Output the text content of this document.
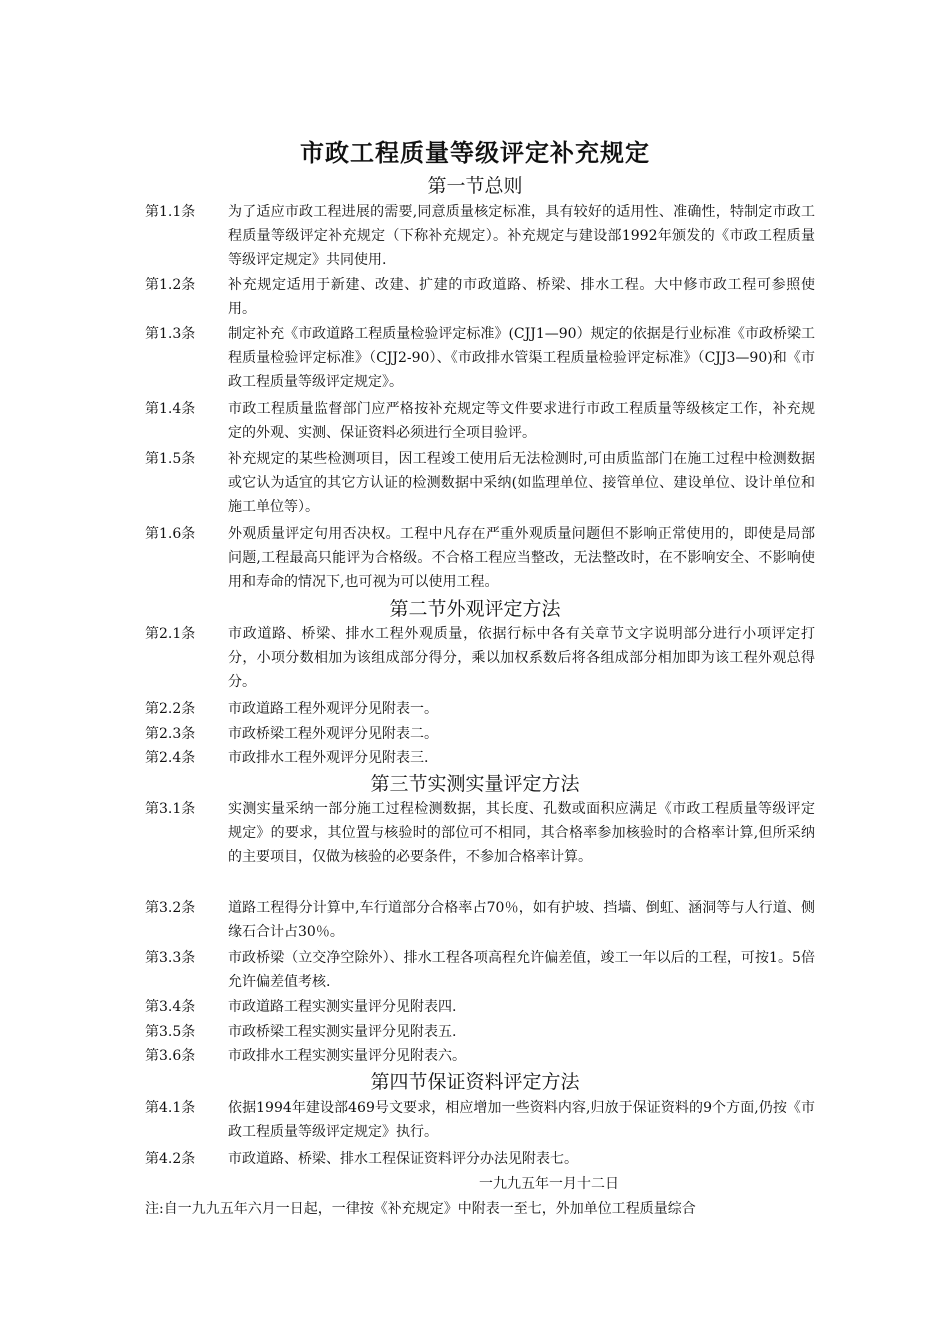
市政工程质量等级评定补充规定
第一节总则
第1.1条	为了适应市政工程进展的需要,同意质量核定标准，具有较好的适用性、准确性，特制定市政工程质量等级评定补充规定（下称补充规定）。补充规定与建设部1992年颁发的《市政工程质量等级评定规定》共同使用.
第1.2条	补充规定适用于新建、改建、扩建的市政道路、桥梁、排水工程。大中修市政工程可参照使用。
第1.3条	制定补充《市政道路工程质量检验评定标准》(CJJ1—90）规定的依据是行业标准《市政桥梁工程质量检验评定标准》（CJJ2-90）、《市政排水管渠工程质量检验评定标准》（CJJ3—90)和《市政工程质量等级评定规定》。
第1.4条	市政工程质量监督部门应严格按补充规定等文件要求进行市政工程质量等级核定工作，补充规定的外观、实测、保证资料必须进行全项目验评。
第1.5条	补充规定的某些检测项目，因工程竣工使用后无法检测时,可由质监部门在施工过程中检测数据或它认为适宜的其它方认证的检测数据中采纳(如监理单位、接管单位、建设单位、设计单位和施工单位等）。
第1.6条	外观质量评定句用否决权。工程中凡存在严重外观质量问题但不影响正常使用的，即使是局部问题,工程最高只能评为合格级。不合格工程应当整改，无法整改时，在不影响安全、不影响使用和寿命的情况下,也可视为可以使用工程。
第二节外观评定方法
第2.1条	市政道路、桥梁、排水工程外观质量，依据行标中各有关章节文字说明部分进行小项评定打分，小项分数相加为该组成部分得分，乘以加权系数后将各组成部分相加即为该工程外观总得分。
第2.2条	市政道路工程外观评分见附表一。
第2.3条	市政桥梁工程外观评分见附表二。
第2.4条	市政排水工程外观评分见附表三.
第三节实测实量评定方法
第3.1条	实测实量采纳一部分施工过程检测数据，其长度、孔数或面积应满足《市政工程质量等级评定规定》的要求，其位置与核验时的部位可不相同，其合格率参加核验时的合格率计算,但所采纳的主要项目，仅做为核验的必要条件，不参加合格率计算。
第3.2条	道路工程得分计算中,车行道部分合格率占70％，如有护坡、挡墙、倒虹、涵洞等与人行道、侧缘石合计占30％。
第3.3条	市政桥梁（立交净空除外）、排水工程各项高程允许偏差值，竣工一年以后的工程，可按1。5倍允许偏差值考核.
第3.4条	市政道路工程实测实量评分见附表四.
第3.5条	市政桥梁工程实测实量评分见附表五.
第3.6条	市政排水工程实测实量评分见附表六。
第四节保证资料评定方法
第4.1条	依据1994年建设部469号文要求，相应增加一些资料内容,归放于保证资料的9个方面,仍按《市政工程质量等级评定规定》执行。
第4.2条	市政道路、桥梁、排水工程保证资料评分办法见附表七。
一九九五年一月十二日
注:自一九九五年六月一日起，一律按《补充规定》中附表一至七，外加单位工程质量综合
